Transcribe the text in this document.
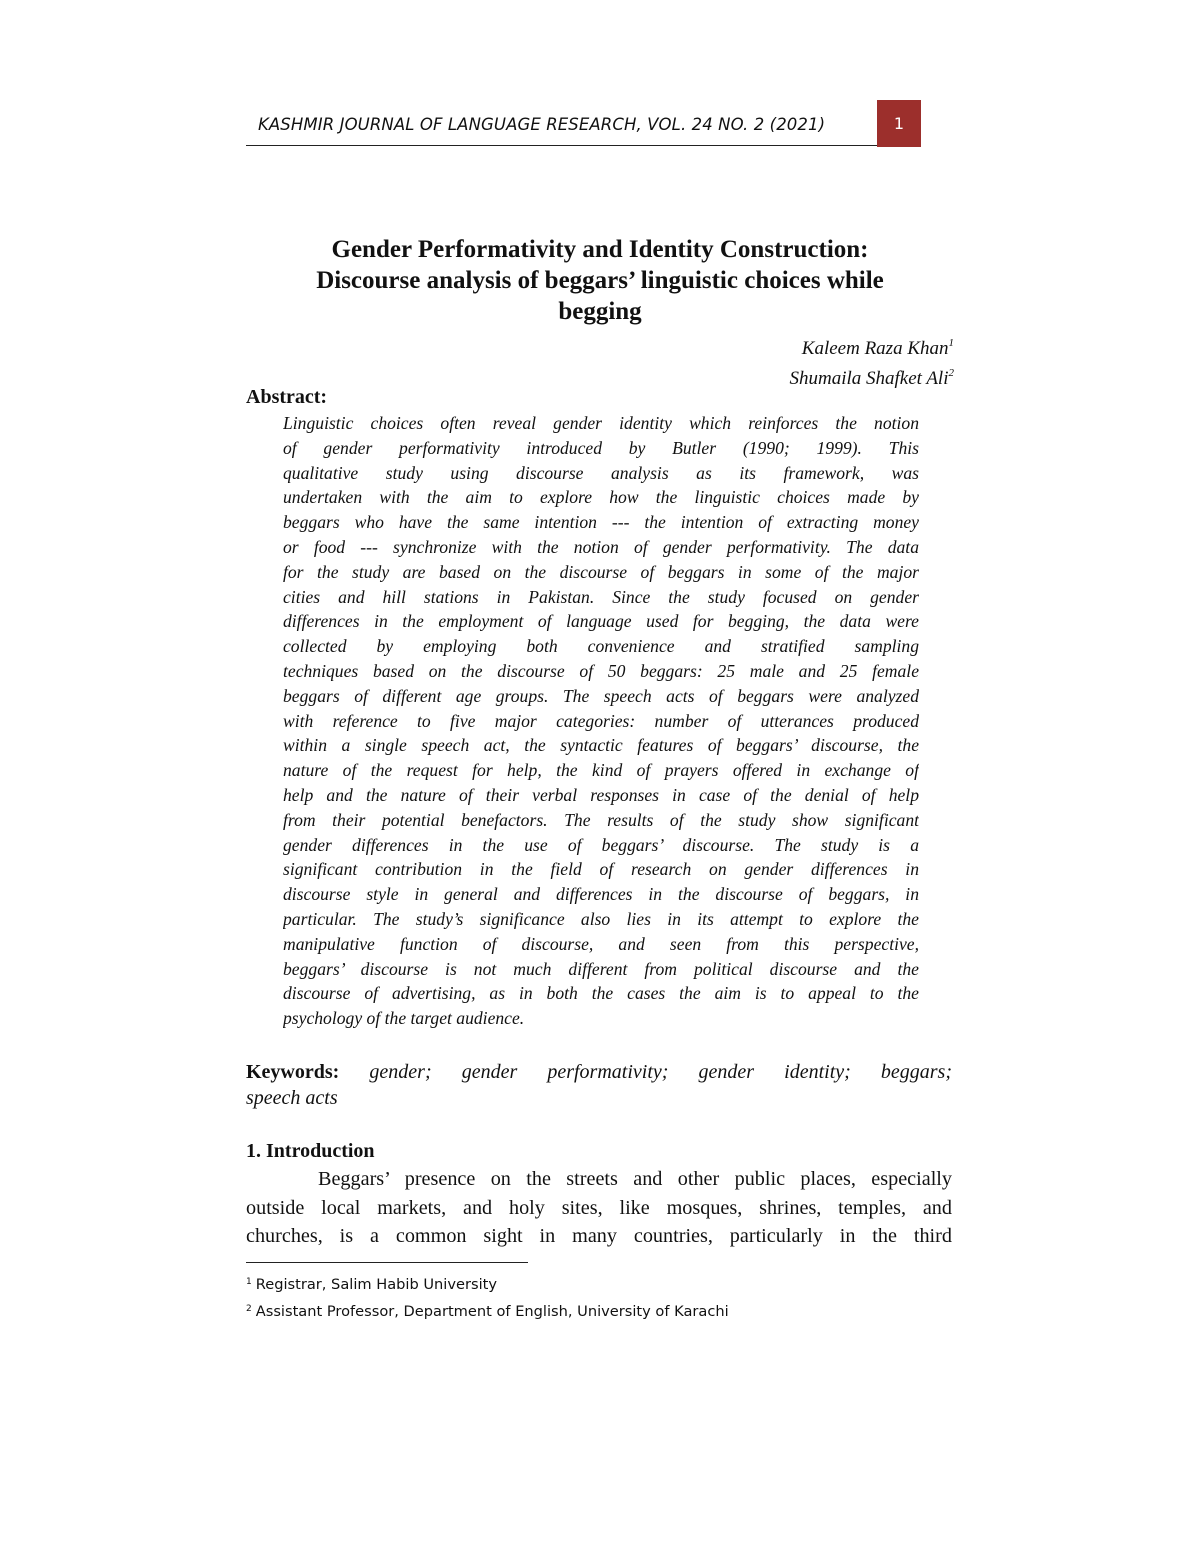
KASHMIR JOURNAL OF LANGUAGE RESEARCH, VOL. 24 NO. 2 (2021)	1
Gender Performativity and Identity Construction:
Discourse analysis of beggars’ linguistic choices while
begging
Kaleem Raza Khan$^1$
Shumaila Shafket Ali$^2$
Abstract:
Linguistic choices often reveal gender identity which reinforces the notion
of gender performativity introduced by Butler (1990; 1999). This
qualitative study using discourse analysis as its framework, was
undertaken with the aim to explore how the linguistic choices made by
beggars who have the same intention --- the intention of extracting money
or food --- synchronize with the notion of gender performativity. The data
for the study are based on the discourse of beggars in some of the major
cities and hill stations in Pakistan. Since the study focused on gender
differences in the employment of language used for begging, the data were
collected by employing both convenience and stratified sampling
techniques based on the discourse of 50 beggars: 25 male and 25 female
beggars of different age groups. The speech acts of beggars were analyzed
with reference to five major categories: number of utterances produced
within a single speech act, the syntactic features of beggars’ discourse, the
nature of the request for help, the kind of prayers offered in exchange of
help and the nature of their verbal responses in case of the denial of help
from their potential benefactors. The results of the study show significant
gender differences in the use of beggars’ discourse. The study is a
significant contribution in the field of research on gender differences in
discourse style in general and differences in the discourse of beggars, in
particular. The study’s significance also lies in its attempt to explore the
manipulative function of discourse, and seen from this perspective,
beggars’ discourse is not much different from political discourse and the
discourse of advertising, as in both the cases the aim is to appeal to the
psychology of the target audience.
Keywords: gender; gender performativity; gender identity; beggars;
speech acts
1. Introduction
Beggars’ presence on the streets and other public places, especially
outside local markets, and holy sites, like mosques, shrines, temples, and
churches, is a common sight in many countries, particularly in the third
$^1$ Registrar, Salim Habib University
$^2$ Assistant Professor, Department of English, University of Karachi
